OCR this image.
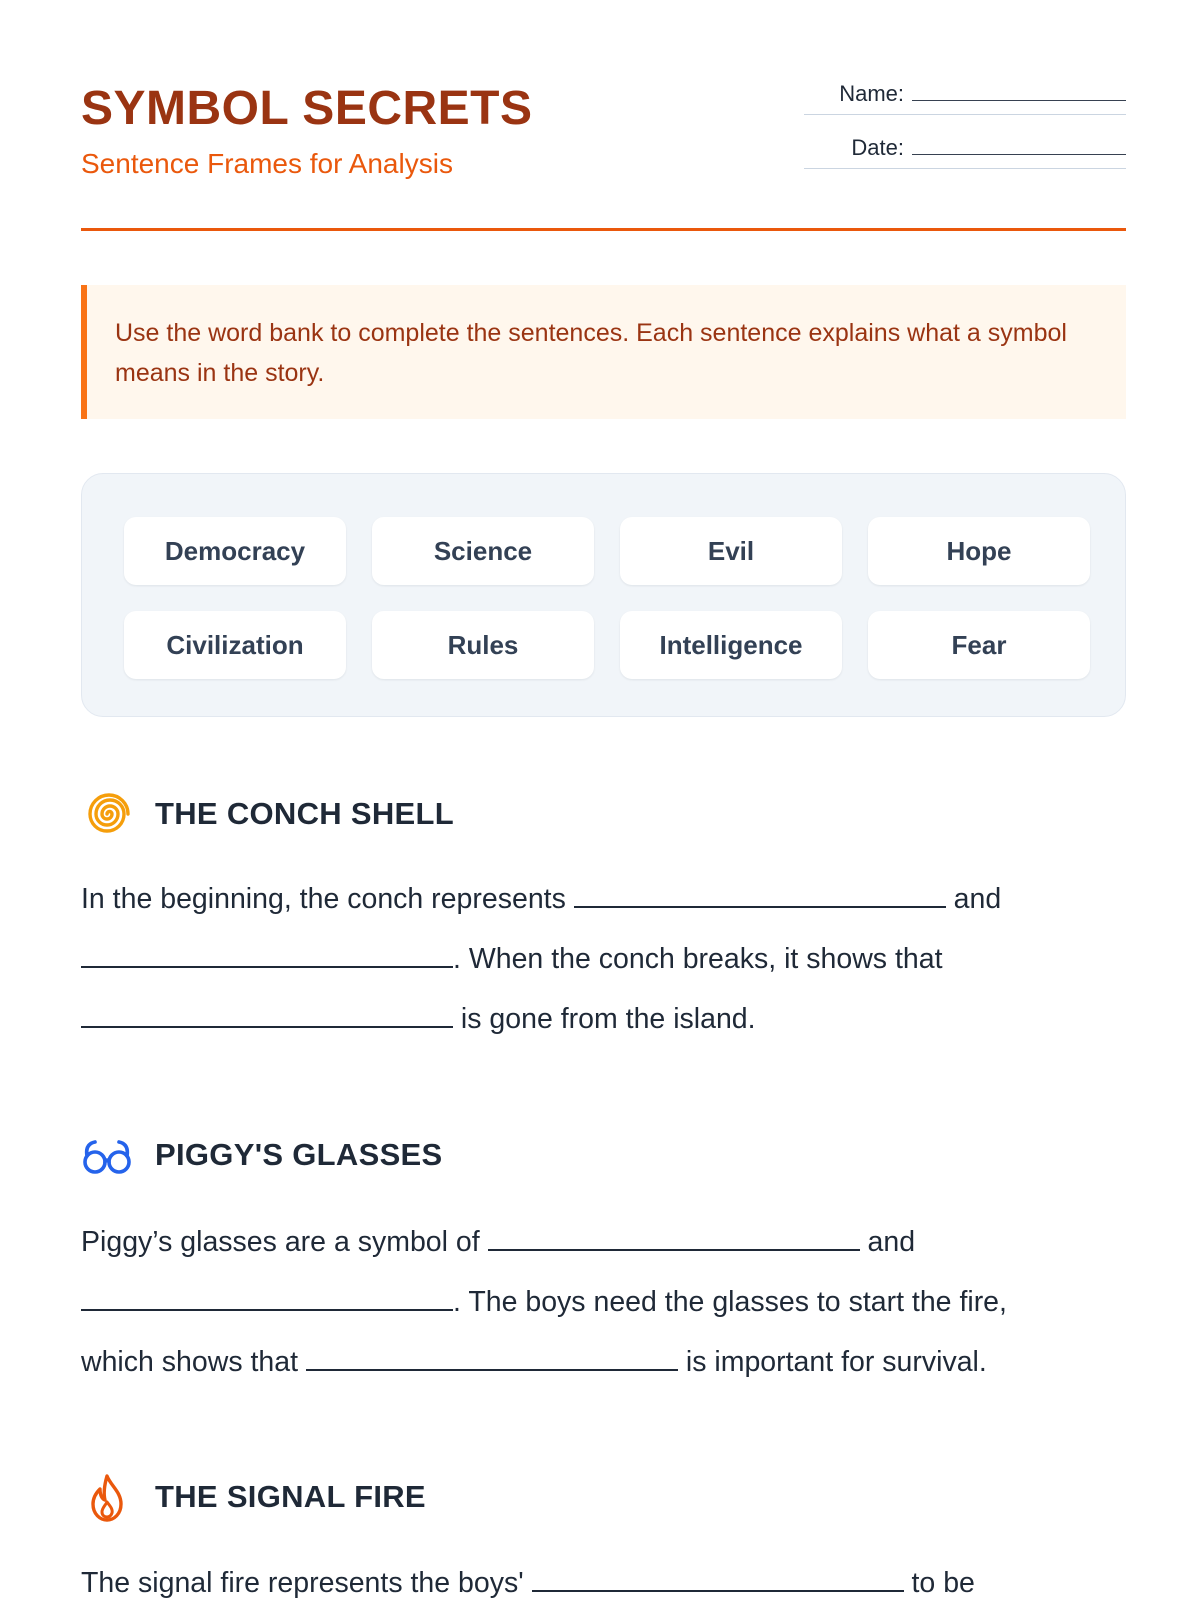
SYMBOL SECRETS
Sentence Frames for Analysis
Name:
Date:
Use the word bank to complete the sentences. Each sentence explains what a symbol means in the story.
Democracy	Science	Evil	Hope
Civilization	Rules	Intelligence	Fear
THE CONCH SHELL
In the beginning, the conch represents	and
. When the conch breaks, it shows that
is gone from the island.
PIGGY'S GLASSES
Piggy’s glasses are a symbol of	and
. The boys need the glasses to start the fire,
which shows that	is important for survival.
THE SIGNAL FIRE
The signal fire represents the boys'	to be
